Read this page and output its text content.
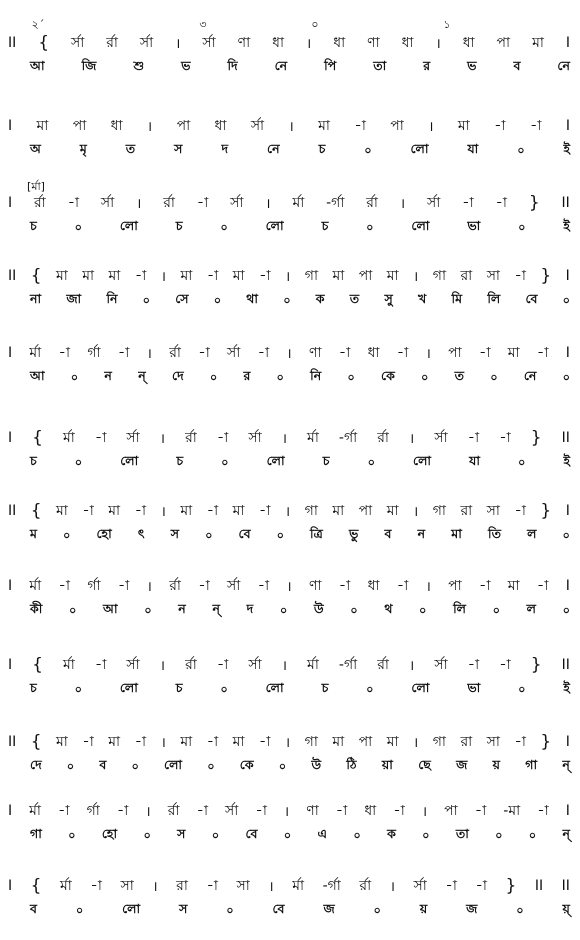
২´	৩	০	১
[র্মা]
II { র্সা র্রা র্সা । র্সা ণা ধা । ধা ণা ধা । ধা পা মা I
আ	জি	শু	ভ	দি	নে	পি	তা	র	ভ	ব	নে
I মা পা ধা । পা ধা র্সা । মা -া পা । মা -া -া I
অ	মৃ	ত	স	দ	নে	চ	০	লো	যা	০	ই
I র্রা -া র্সা । র্রা -া র্সা । র্মা -র্গা র্রা । র্সা -া -া } II
চ	০	লো	চ	০	লো	চ	০	লো	ভা	০	ই
II { মা মা মা -া । মা -া মা -া । গা মা পা মা । গা রা সা -া } I
না জা নি ০ সে ০ থা ০ ক ত সু খ মি লি বে ০
I র্মা -া র্গা -া । র্রা -া র্সা -া । ণা -া ধা -া । পা -া মা -া I
আ ০ ন ন্ দে ০ র ০ নি ০ কে ০ ত ০ নে ০
I { র্মা -া র্সা । র্রা -া র্সা । র্মা -র্গা র্রা । র্সা -া -া } II
চ	০	লো	চ	০	লো	চ	০	লো	যা	০	ই
II { মা -া মা -া । মা -া মা -া । গা মা পা মা । গা রা সা -া } I
ম ০ হো ৎ স ০ বে ০ ত্রি ভু ব ন মা তি ল ০
I র্মা -া র্গা -া । র্রা -া র্সা -া । ণা -া ধা -া । পা -া মা -া I
কী ০ আ ০ ন ন্ দ ০ উ ০ থ ০ লি ০ ল ০
I { র্মা -া র্সা । র্রা -া র্সা । র্মা -র্গা র্রা । র্সা -া -া } II
চ	০	লো	চ	০	লো	চ	০	লো	ভা	০	ই
II { মা -া মা -া । মা -া মা -া । গা মা পা মা । গা রা সা -া } I
দে ০ ব ০ লো ০ কে ০ উ ঠি য়া ছে জ য় গা ন্
I র্মা -া র্গা -া । র্রা -া র্সা -া । ণা -া ধা -া । পা -া -মা -া I
গা ০ হো ০ স ০ বে ০ এ ০ ক ০ তা ০ ০ ন্
I { র্মা -া সা । রা -া সা । র্মা -র্গা র্রা । র্সা -া -া } II II
ব	০	লো	স	০	বে	জ	০	য়	জ	০	য়্
